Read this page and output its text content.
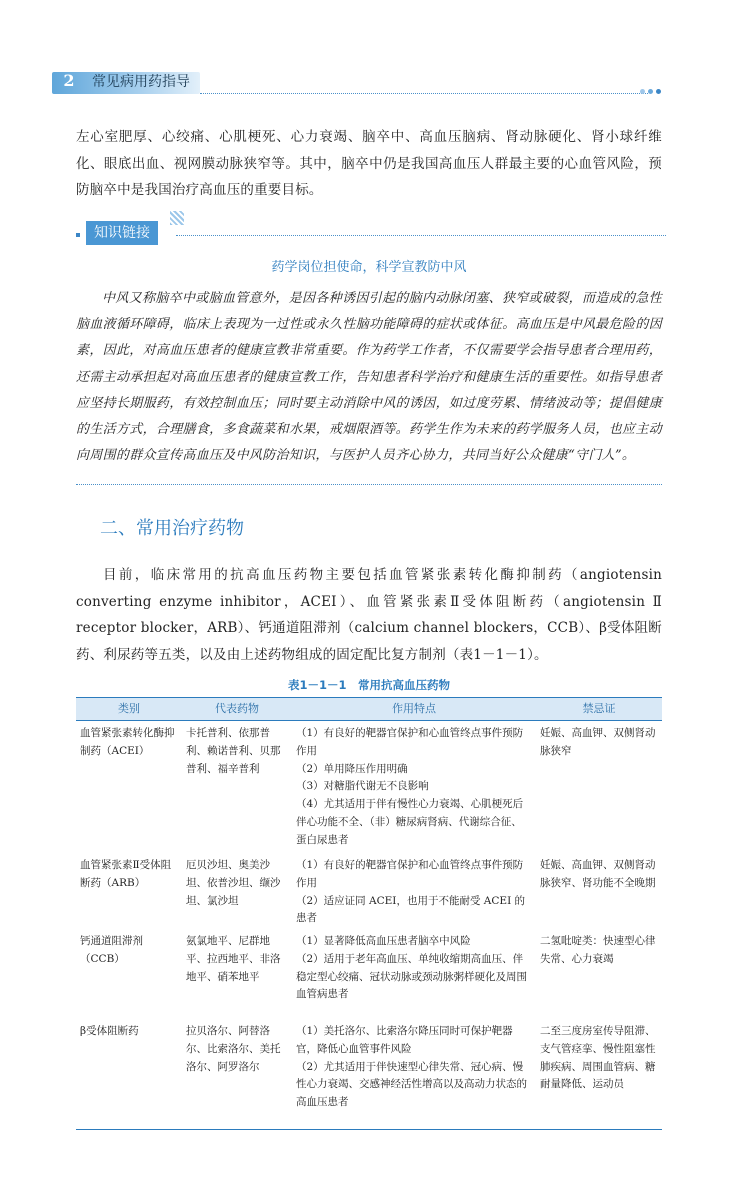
2	常见病用药指导

左心室肥厚、心绞痛、心肌梗死、心力衰竭、脑卒中、高血压脑病、肾动脉硬化、肾小球纤维化、眼底出血、视网膜动脉狭窄等。其中，脑卒中仍是我国高血压人群最主要的心血管风险，预防脑卒中是我国治疗高血压的重要目标。

知识链接
药学岗位担使命，科学宣教防中风

中风又称脑卒中或脑血管意外，是因各种诱因引起的脑内动脉闭塞、狭窄或破裂，而造成的急性脑血液循环障碍，临床上表现为一过性或永久性脑功能障碍的症状或体征。高血压是中风最危险的因素，因此，对高血压患者的健康宣教非常重要。作为药学工作者，不仅需要学会指导患者合理用药，还需主动承担起对高血压患者的健康宣教工作，告知患者科学治疗和健康生活的重要性。如指导患者应坚持长期服药，有效控制血压；同时要主动消除中风的诱因，如过度劳累、情绪波动等；提倡健康的生活方式，合理膳食，多食蔬菜和水果，戒烟限酒等。药学生作为未来的药学服务人员，也应主动向周围的群众宣传高血压及中风防治知识，与医护人员齐心协力，共同当好公众健康“守门人”。

二、常用治疗药物

目前，临床常用的抗高血压药物主要包括血管紧张素转化酶抑制药（angiotensin converting enzyme inhibitor，ACEI）、血管紧张素Ⅱ受体阻断药（angiotensin Ⅱ receptor blocker，ARB）、钙通道阻滞剂（calcium channel blockers，CCB）、β受体阻断药、利尿药等五类，以及由上述药物组成的固定配比复方制剂（表1－1－1）。

表1－1－1　常用抗高血压药物
类别	代表药物	作用特点	禁忌证
血管紧张素转化酶抑制药（ACEI）	卡托普利、依那普利、赖诺普利、贝那普利、福辛普利	（1）有良好的靶器官保护和心血管终点事件预防作用
（2）单用降压作用明确
（3）对糖脂代谢无不良影响
（4）尤其适用于伴有慢性心力衰竭、心肌梗死后伴心功能不全、（非）糖尿病肾病、代谢综合征、蛋白尿患者	妊娠、高血钾、双侧肾动脉狭窄
血管紧张素Ⅱ受体阻断药（ARB）	厄贝沙坦、奥美沙坦、依普沙坦、缬沙坦、氯沙坦	（1）有良好的靶器官保护和心血管终点事件预防作用
（2）适应证同 ACEI，也用于不能耐受 ACEI 的患者	妊娠、高血钾、双侧肾动脉狭窄、肾功能不全晚期
钙通道阻滞剂（CCB）	氨氯地平、尼群地平、拉西地平、非洛地平、硝苯地平	（1）显著降低高血压患者脑卒中风险
（2）适用于老年高血压、单纯收缩期高血压、伴稳定型心绞痛、冠状动脉或颈动脉粥样硬化及周围血管病患者	二氢吡啶类：快速型心律失常、心力衰竭
β受体阻断药	拉贝洛尔、阿替洛尔、比索洛尔、美托洛尔、阿罗洛尔	（1）美托洛尔、比索洛尔降压同时可保护靶器官，降低心血管事件风险
（2）尤其适用于伴快速型心律失常、冠心病、慢性心力衰竭、交感神经活性增高以及高动力状态的高血压患者	二至三度房室传导阻滞、支气管痉挛、慢性阻塞性肺疾病、周围血管病、糖耐量降低、运动员
